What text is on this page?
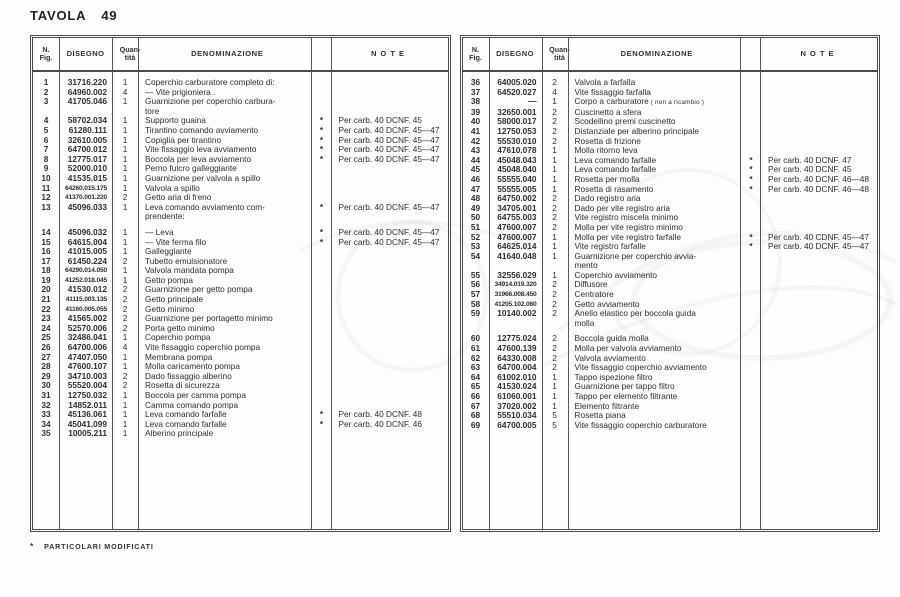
TAVOLA 49
N.
Fig.	DISEGNO	Quan-
tità	DENOMINAZIONE	NOTE
1	31716.220	1	Coperchio carburatore completo di:
2	64960.002	4	— Vite prigioniera .
3	41705.046	1	Guarnizione per coperchio carbura-
tore
4	58702.034	1	Supporto guaina	*	Per carb. 40 DCNF. 45
5	61280.111	1	Tirantino comando avviamento	*	Per carb. 40 DCNF. 45—47
6	32610.005	1	Copiglia per tirantino	*	Per carb. 40 DCNF. 45—47
7	64700.012	1	Vite fissaggio leva avviamento	*	Per carb. 40 DCNF. 45—47
8	12775.017	1	Boccola per leva avviamento	*	Per carb. 40 DCNF. 45—47
9	52000.010	1	Perno fulcro galleggiante
10	41535.015	1	Guarnizione per valvola a spillo
11	64260.015.175	1	Valvola a spillo
12	41370.001.220	2	Getto aria di freno
13	45096.033	1	Leva comando avviamento com-
prendente:
*	Per carb. 40 DCNF. 45—47
14	45096.032	1	— Leva	*	Per carb. 40 DCNF. 45—47
15	64615.004	1	— Vite ferma filo	*	Per carb. 40 DCNF. 45—47
16	41015.005	1	Galleggiante
17	61450.224	2	Tubetto emulsionatore
18	64290.014.050	1	Valvola mandata pompa
19	41252.018.045	1	Getto pompa
20	41530.012	2	Guarnizione per getto pompa
21	41115.003.135	2	Getto principale
22	41160.005.055	2	Getto minimo
23	41565.002	2	Guarnizione per portagetto minimo
24	52570.006	2	Porta getto minimo
25	32486.041	1	Coperchio pompa
26	64700.006	4	Vite fissaggio coperchio pompa
27	47407.050	1	Membrana pompa
28	47600.107	1	Molla caricamento pompa
29	34710.003	2	Dado fissaggio alberino
30	55520.004	2	Rosetta di sicurezza
31	12750.032	1	Boccola per camma pompa
32	14852.011	1	Camma comando pompa
33	45136.061	1	Leva comando farfalle	*	Per carb. 40 DCNF. 48
34	45041.099	1	Leva comando farfalle	*	Per carb. 40 DCNF. 46
35	10005.211	1	Alberino principale
N.
Fig.	DISEGNO	Quan-
tità	DENOMINAZIONE	NOTE
36	64005.020	2	Valvola a farfalla
37	64520.027	4	Vite fissaggio farfalla
38	—	1	Corpo a carburatore ( non a ricambio )
39	32650.001	2	Cuscinetto a sfera
40	58000.017	2	Scodellino premi cuscinetto
41	12750.053	2	Distanziale per alberino principale
42	55530.010	2	Rosetta di frizione
43	47610.078	1	Molla ritorno leva
44	45048.043	1	Leva comando farfalle	*	Per carb. 40 DCNF. 47
45	45048.040	1	Leva comando farfalle	*	Per carb. 40 DCNF. 45
46	55555.040	1	Rosetta per molla	*	Per carb. 40 DCNF. 46—48
47	55555.005	1	Rosetta di rasamento	*	Per carb. 40 DCNF. 46—48
48	64750.002	2	Dado registro aria
49	34705.001	2	Dado per vite registro aria
50	64755.003	2	Vite registro miscela minimo
51	47600.007	2	Molla per vite registro minimo
52	47600.007	1	Molla per vite registro farfalle	*	Per carb. 40 CDNF. 45—47
53	64625.014	1	Vite registro farfalle	*	Per carb. 40 DCNF. 45—47
54	41640.048	1	Guarnizione per coperchio avvia-
mento
55	32556.029	1	Coperchio avviamento
56	34914.019.320	2	Diffusore
57	31966.008.450	2	Centratore
58	41205.102.060	2	Getto avviamento
59	10140.002	2	Anello elastico per boccola guida
molla
60	12775.024	2	Boccola guida molla
61	47600.139	2	Molla per valvola avviamento
62	64330.008	2	Valvola avviamento
63	64700.004	2	Vite fissaggio coperchio avviamento
64	61002.010	1	Tappo ispezione filtro
65	41530.024	1	Guarnizione per tappo filtro
66	61060.001	1	Tappo per elemento filtrante
67	37020.002	1	Elemento filtrante
68	55510.034	5	Rosetta piana
69	64700.005	5	Vite fissaggio coperchio carburatore
* PARTICOLARI MODIFICATI
